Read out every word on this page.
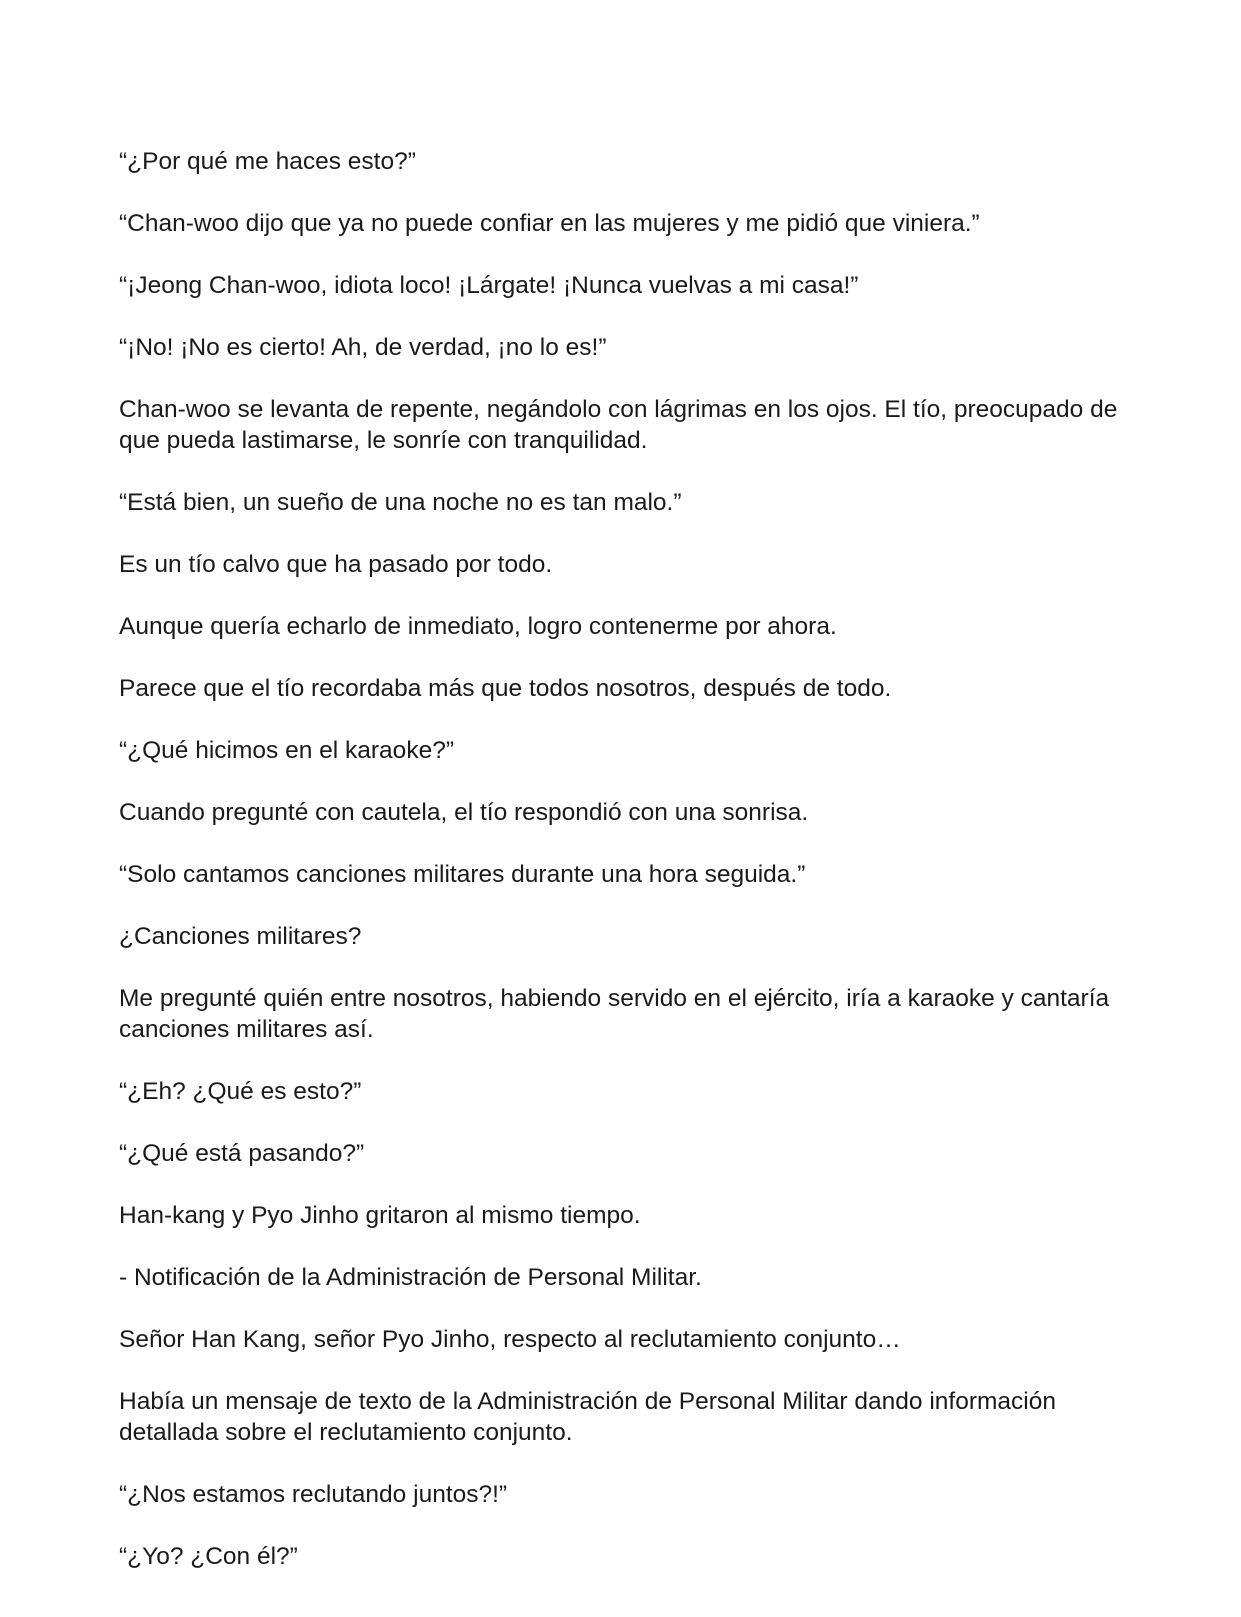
“¿Por qué me haces esto?”

“Chan-woo dijo que ya no puede confiar en las mujeres y me pidió que viniera.”

“¡Jeong Chan-woo, idiota loco! ¡Lárgate! ¡Nunca vuelvas a mi casa!”

“¡No! ¡No es cierto! Ah, de verdad, ¡no lo es!”

Chan-woo se levanta de repente, negándolo con lágrimas en los ojos. El tío, preocupado de que pueda lastimarse, le sonríe con tranquilidad.

“Está bien, un sueño de una noche no es tan malo.”

Es un tío calvo que ha pasado por todo.

Aunque quería echarlo de inmediato, logro contenerme por ahora.

Parece que el tío recordaba más que todos nosotros, después de todo.

“¿Qué hicimos en el karaoke?”

Cuando pregunté con cautela, el tío respondió con una sonrisa.

“Solo cantamos canciones militares durante una hora seguida.”

¿Canciones militares?

Me pregunté quién entre nosotros, habiendo servido en el ejército, iría a karaoke y cantaría canciones militares así.

“¿Eh? ¿Qué es esto?”

“¿Qué está pasando?”

Han-kang y Pyo Jinho gritaron al mismo tiempo.

- Notificación de la Administración de Personal Militar.

Señor Han Kang, señor Pyo Jinho, respecto al reclutamiento conjunto…

Había un mensaje de texto de la Administración de Personal Militar dando información detallada sobre el reclutamiento conjunto.

“¿Nos estamos reclutando juntos?!”

“¿Yo? ¿Con él?”
